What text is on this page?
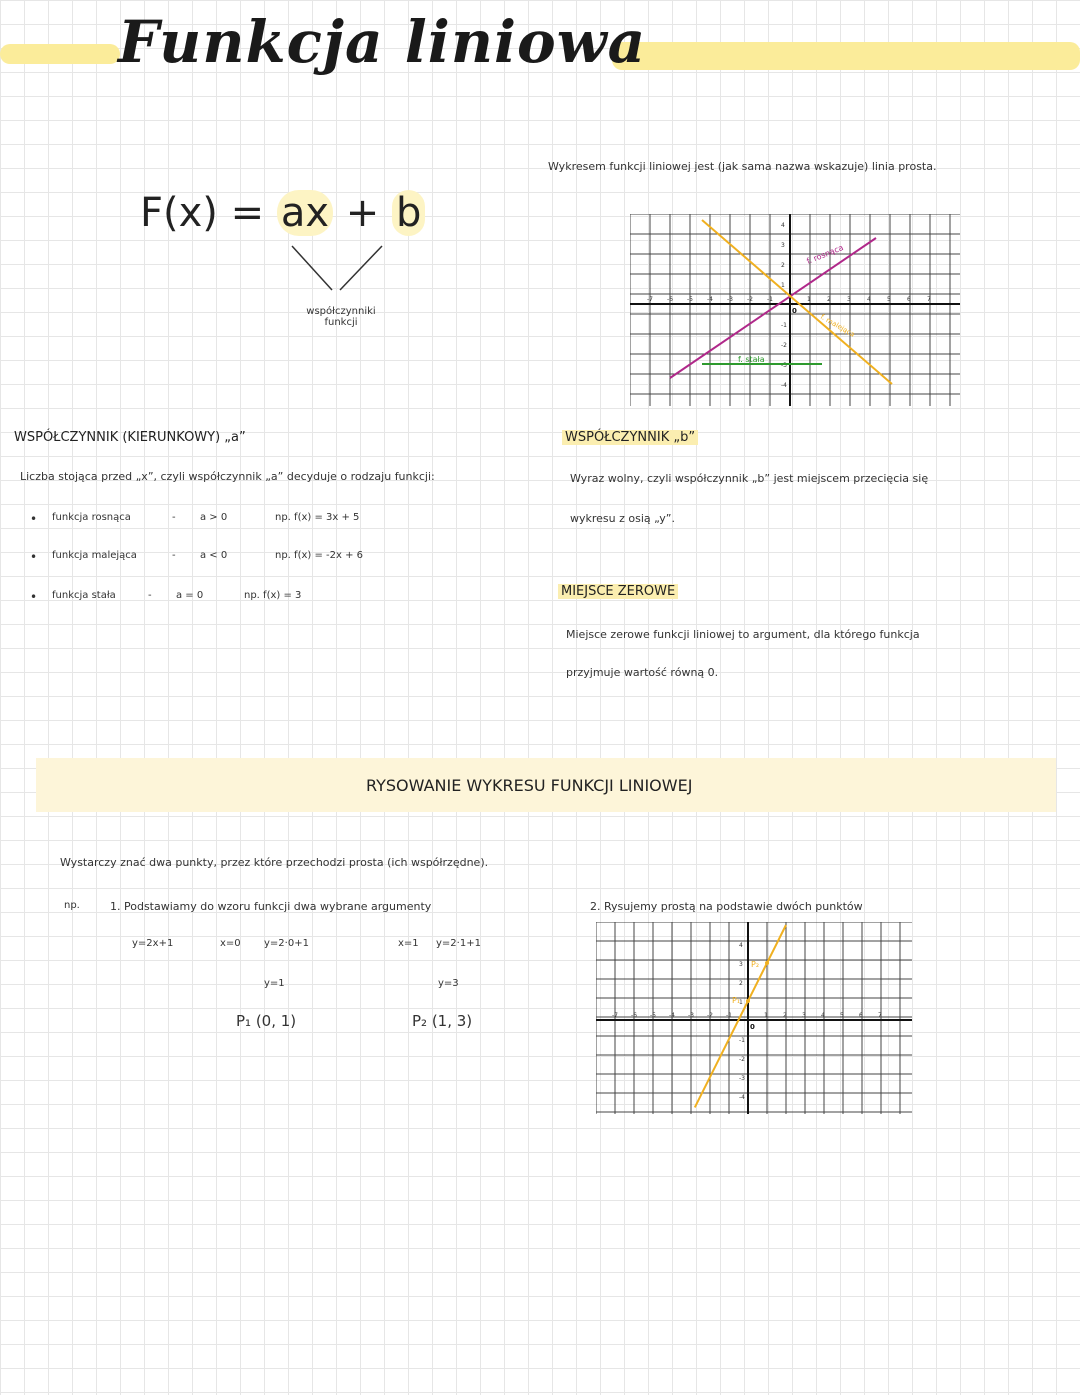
Funkcja liniowa
F(x) = ax + b
współczynniki
funkcji
Wykresem funkcji liniowej jest (jak sama nazwa wskazuje) linia prosta.
-7 -6 -5 -4 -3 -2 -1	1	2	3	4	5	6	7
4
3
2
1
-1
-2
-3
-4
0
f. rosnąca
f. malejąca
f. stała
WSPÓŁCZYNNIK (KIERUNKOWY) „a”
Liczba stojąca przed „x”, czyli współczynnik „a” decyduje o rodzaju funkcji:
• funkcja rosnąca	- a > 0	np. f(x) = 3x + 5
• funkcja malejąca	- a < 0	np. f(x) = -2x + 6
• funkcja stała	- a = 0	np. f(x) = 3
WSPÓŁCZYNNIK „b”
Wyraz wolny, czyli współczynnik „b” jest miejscem przecięcia się
wykresu z osią „y”.
MIEJSCE ZEROWE
Miejsce zerowe funkcji liniowej to argument, dla którego funkcja
przyjmuje wartość równą 0.
RYSOWANIE WYKRESU FUNKCJI LINIOWEJ
Wystarczy znać dwa punkty, przez które przechodzi prosta (ich współrzędne).
np.	1. Podstawiamy do wzoru funkcji dwa wybrane argumenty	2. Rysujemy prostą na podstawie dwóch punktów
y=2x+1	x=0 y=2·0+1
y=1
P₁ (0, 1)
x=1 y=2·1+1
y=3
P₂ (1, 3)	-7 -6 -5 -4 -3 -2 -1	1	2	3	4	5	6	7
4
3
2
1
-1
-2
-3
-4
0
P₁
P₂
